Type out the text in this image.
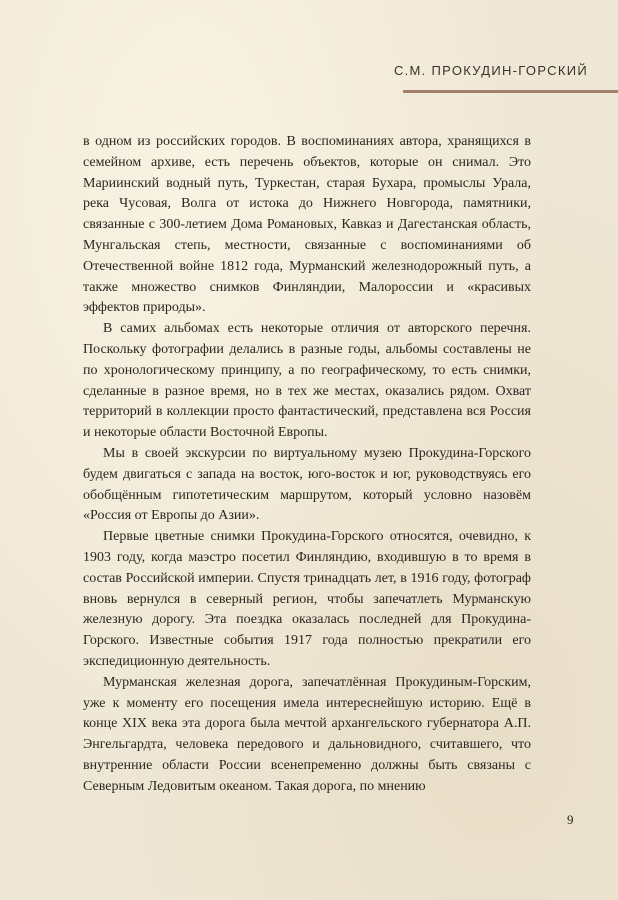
С.М. ПРОКУДИН-ГОРСКИЙ

в одном из российских городов. В воспоминаниях автора, хранящихся в семейном архиве, есть перечень объектов, которые он снимал. Это Мариинский водный путь, Туркестан, старая Бухара, промыслы Урала, река Чусовая, Волга от истока до Нижнего Новгорода, памятники, связанные с 300-летием Дома Романовых, Кавказ и Дагестанская область, Мунгальская степь, местности, связанные с воспоминаниями об Отечественной войне 1812 года, Мурманский железнодорожный путь, а также множество снимков Финляндии, Малороссии и «красивых эффектов природы».

В самих альбомах есть некоторые отличия от авторского перечня. Поскольку фотографии делались в разные годы, альбомы составлены не по хронологическому принципу, а по географическому, то есть снимки, сделанные в разное время, но в тех же местах, оказались рядом. Охват территорий в коллекции просто фантастический, представлена вся Россия и некоторые области Восточной Европы.

Мы в своей экскурсии по виртуальному музею Прокудина-Горского будем двигаться с запада на восток, юго-восток и юг, руководствуясь его обобщённым гипотетическим маршрутом, который условно назовём «Россия от Европы до Азии».

Первые цветные снимки Прокудина-Горского относятся, очевидно, к 1903 году, когда маэстро посетил Финляндию, входившую в то время в состав Российской империи. Спустя тринадцать лет, в 1916 году, фотограф вновь вернулся в северный регион, чтобы запечатлеть Мурманскую железную дорогу. Эта поездка оказалась последней для Прокудина-Горского. Известные события 1917 года полностью прекратили его экспедиционную деятельность.

Мурманская железная дорога, запечатлённая Прокудиным-Горским, уже к моменту его посещения имела интереснейшую историю. Ещё в конце XIX века эта дорога была мечтой архангельского губернатора А.П. Энгельгардта, человека передового и дальновидного, считавшего, что внутренние области России всенепременно должны быть связаны с Северным Ледовитым океаном. Такая дорога, по мнению

9
